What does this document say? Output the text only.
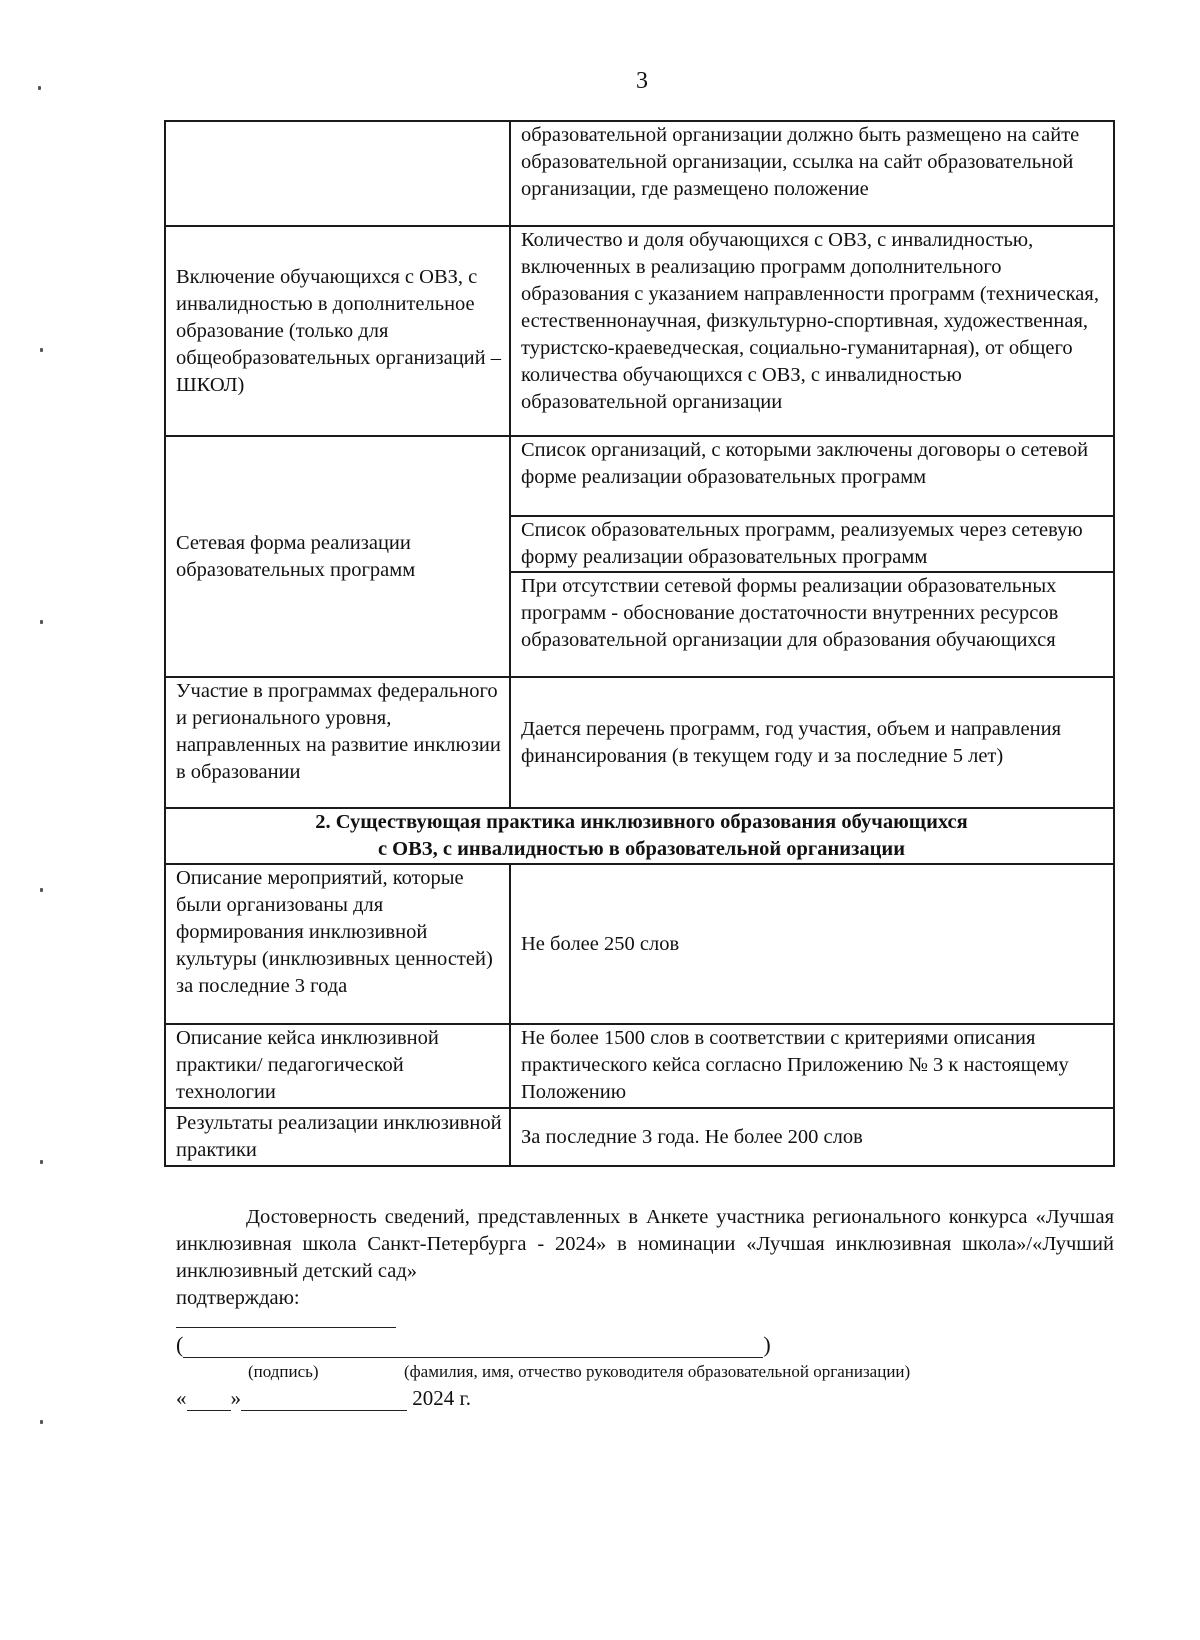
3
	образовательной организации должно быть размещено на сайте образовательной организации, ссылка на сайт образовательной организации, где размещено положение
Включение обучающихся с ОВЗ, с инвалидностью в дополнительное образование (только для общеобразовательных организаций – ШКОЛ)	Количество и доля обучающихся с ОВЗ, с инвалидностью, включенных в реализацию программ дополнительного образования с указанием направленности программ (техническая, естественнонаучная, физкультурно-спортивная, художественная, туристско-краеведческая, социально-гуманитарная), от общего количества обучающихся с ОВЗ, с инвалидностью образовательной организации
Сетевая форма реализации образовательных программ	Список организаций, с которыми заключены договоры о сетевой форме реализации образовательных программ
	Список образовательных программ, реализуемых через сетевую форму реализации образовательных программ
	При отсутствии сетевой формы реализации образовательных программ - обоснование достаточности внутренних ресурсов образовательной организации для образования обучающихся
Участие в программах федерального и регионального уровня, направленных на развитие инклюзии в образовании	Дается перечень программ, год участия, объем и направления финансирования (в текущем году и за последние 5 лет)

2. Существующая практика инклюзивного образования обучающихся
с ОВЗ, с инвалидностью в образовательной организации	

Описание мероприятий, которые были организованы для формирования инклюзивной культуры (инклюзивных ценностей) за последние 3 года	Не более 250 слов
Описание кейса инклюзивной практики/ педагогической технологии	Не более 1500 слов в соответствии с критериями описания практического кейса согласно Приложению № 3 к настоящему Положению
Результаты реализации инклюзивной практики	За последние 3 года. Не более 200 слов

Достоверность сведений, представленных в Анкете участника регионального конкурса «Лучшая инклюзивная школа Санкт-Петербурга - 2024» в номинации «Лучшая инклюзивная школа»/«Лучший инклюзивный детский сад»

подтверждаю:

(	)
(подпись)	(фамилия, имя, отчество руководителя образовательной организации)
« »	2024 г.
